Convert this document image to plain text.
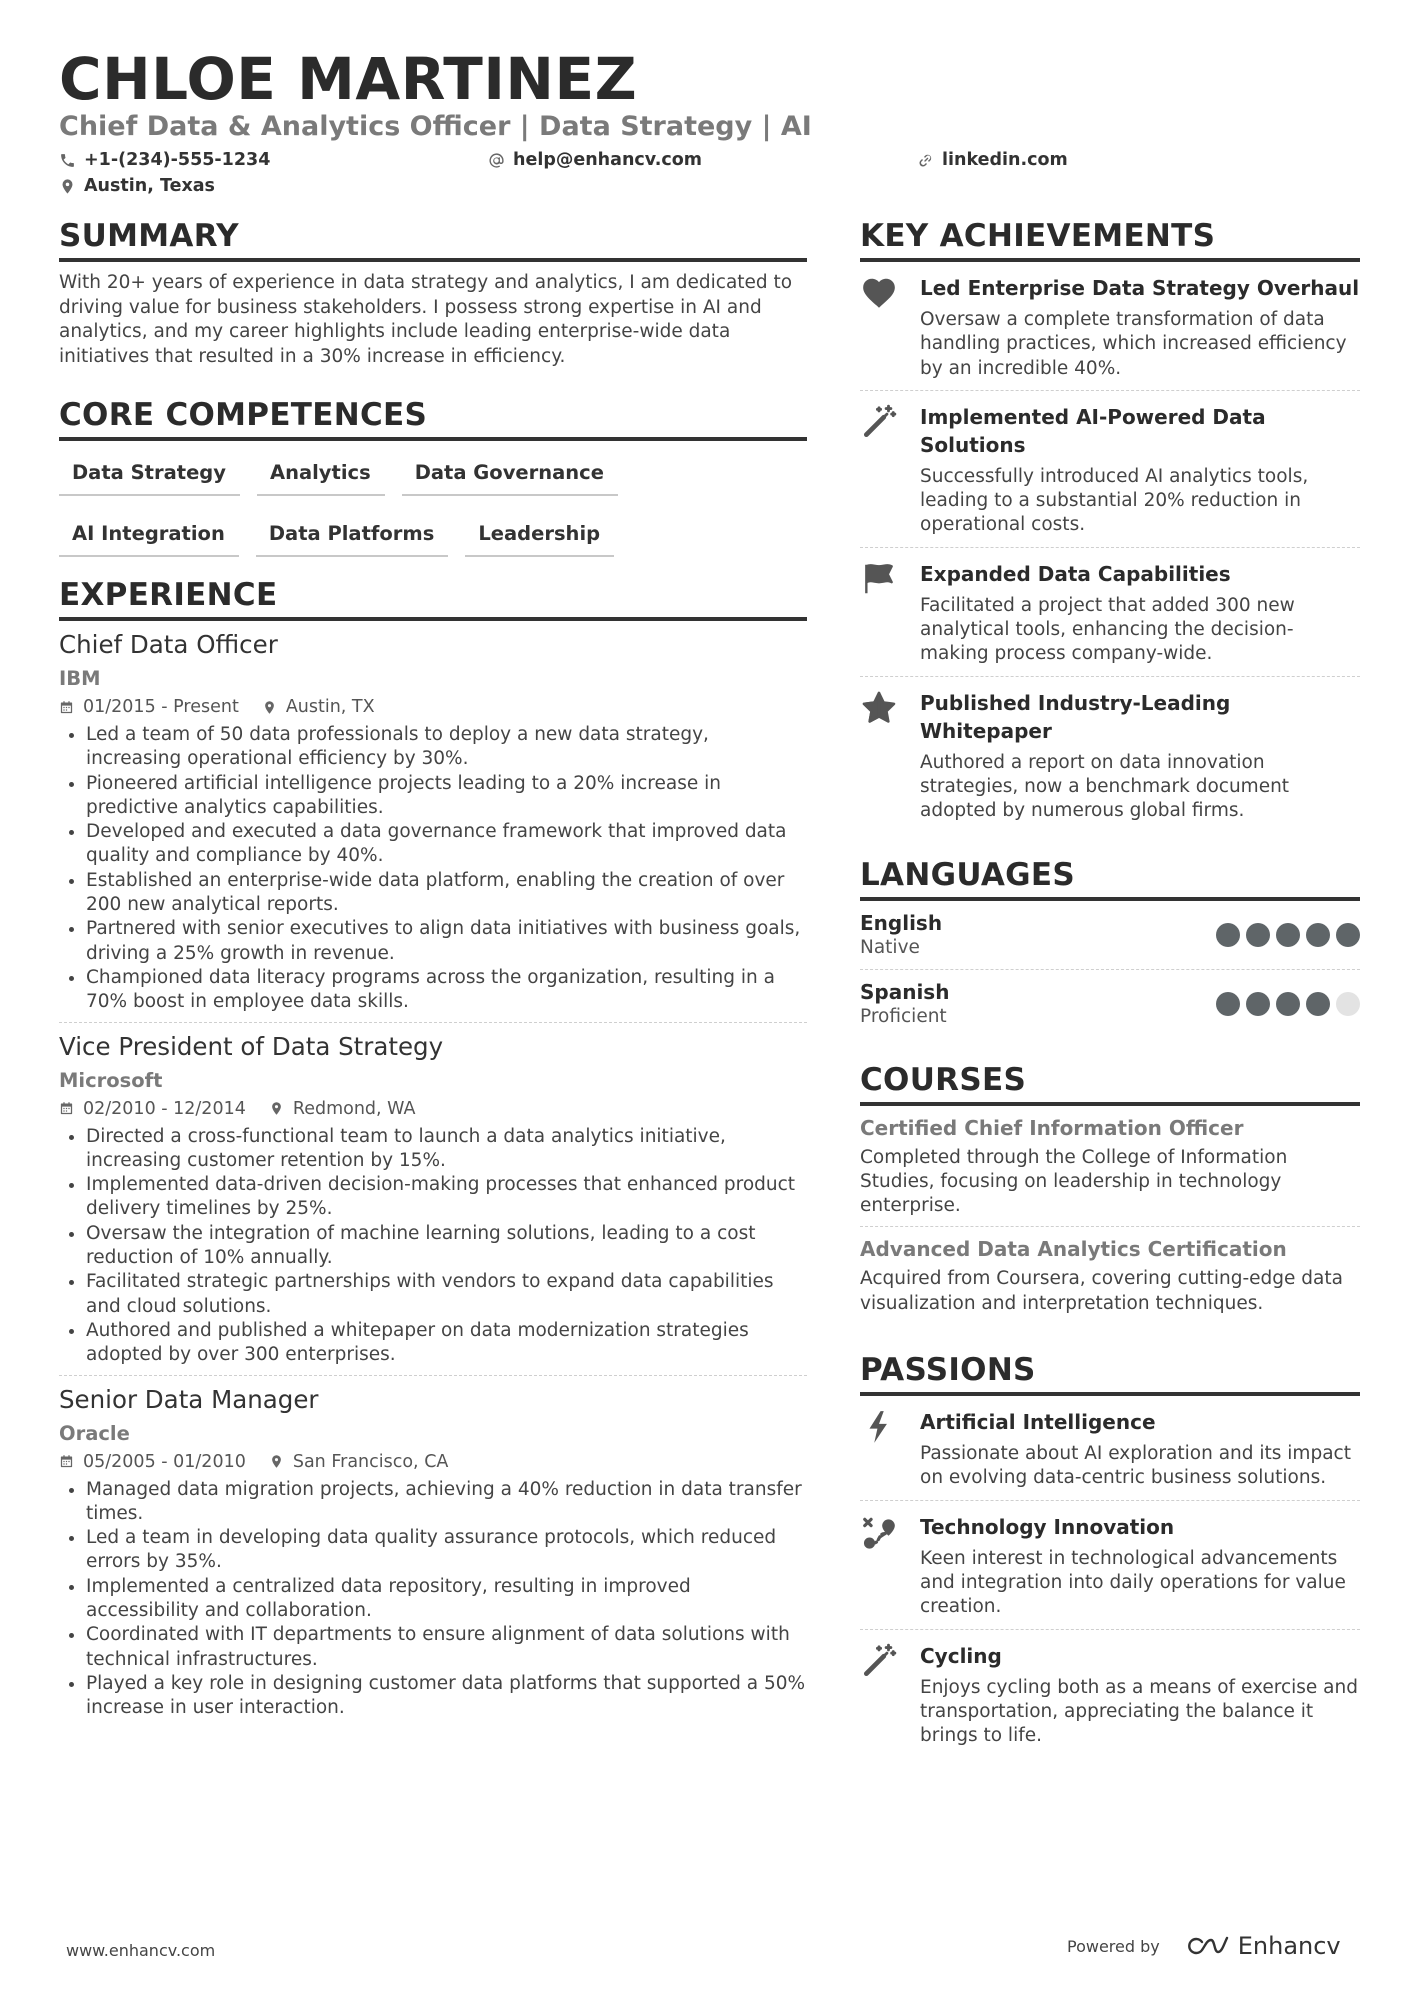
CHLOE MARTINEZ
Chief Data & Analytics Officer | Data Strategy | AI
+1-(234)-555-1234	help@enhancv.com	linkedin.com
Austin, Texas
SUMMARY

With 20+ years of experience in data strategy and analytics, I am dedicated to driving value for business stakeholders. I possess strong expertise in AI and analytics, and my career highlights include leading enterprise-wide data initiatives that resulted in a 30% increase in efficiency.

CORE COMPETENCES
Data Strategy	Analytics	Data Governance
AI Integration	Data Platforms	Leadership
EXPERIENCE
Chief Data Officer
IBM
01/2015 - Present	Austin, TX
• Led a team of 50 data professionals to deploy a new data strategy, increasing operational efficiency by 30%.
• Pioneered artificial intelligence projects leading to a 20% increase in predictive analytics capabilities.
• Developed and executed a data governance framework that improved data quality and compliance by 40%.
• Established an enterprise-wide data platform, enabling the creation of over 200 new analytical reports.
• Partnered with senior executives to align data initiatives with business goals, driving a 25% growth in revenue.
• Championed data literacy programs across the organization, resulting in a 70% boost in employee data skills.
Vice President of Data Strategy
Microsoft
02/2010 - 12/2014	Redmond, WA
• Directed a cross-functional team to launch a data analytics initiative, increasing customer retention by 15%.
• Implemented data-driven decision-making processes that enhanced product delivery timelines by 25%.
• Oversaw the integration of machine learning solutions, leading to a cost reduction of 10% annually.
• Facilitated strategic partnerships with vendors to expand data capabilities and cloud solutions.
• Authored and published a whitepaper on data modernization strategies adopted by over 300 enterprises.
Senior Data Manager
Oracle
05/2005 - 01/2010	San Francisco, CA
• Managed data migration projects, achieving a 40% reduction in data transfer times.
• Led a team in developing data quality assurance protocols, which reduced errors by 35%.
• Implemented a centralized data repository, resulting in improved accessibility and collaboration.
• Coordinated with IT departments to ensure alignment of data solutions with technical infrastructures.
• Played a key role in designing customer data platforms that supported a 50% increase in user interaction.
KEY ACHIEVEMENTS
Led Enterprise Data Strategy Overhaul
Oversaw a complete transformation of data handling practices, which increased efficiency by an incredible 40%.
Implemented AI-Powered Data Solutions
Successfully introduced AI analytics tools, leading to a substantial 20% reduction in operational costs.
Expanded Data Capabilities
Facilitated a project that added 300 new analytical tools, enhancing the decision-making process company-wide.
Published Industry-Leading Whitepaper
Authored a report on data innovation strategies, now a benchmark document adopted by numerous global firms.
LANGUAGES
English
Native
Spanish
Proficient
COURSES
Certified Chief Information Officer
Completed through the College of Information Studies, focusing on leadership in technology enterprise.
Advanced Data Analytics Certification
Acquired from Coursera, covering cutting-edge data visualization and interpretation techniques.
PASSIONS
Artificial Intelligence
Passionate about AI exploration and its impact on evolving data-centric business solutions.
Technology Innovation
Keen interest in technological advancements and integration into daily operations for value creation.
Cycling
Enjoys cycling both as a means of exercise and transportation, appreciating the balance it brings to life.
www.enhancv.com	Powered by	Enhancv
